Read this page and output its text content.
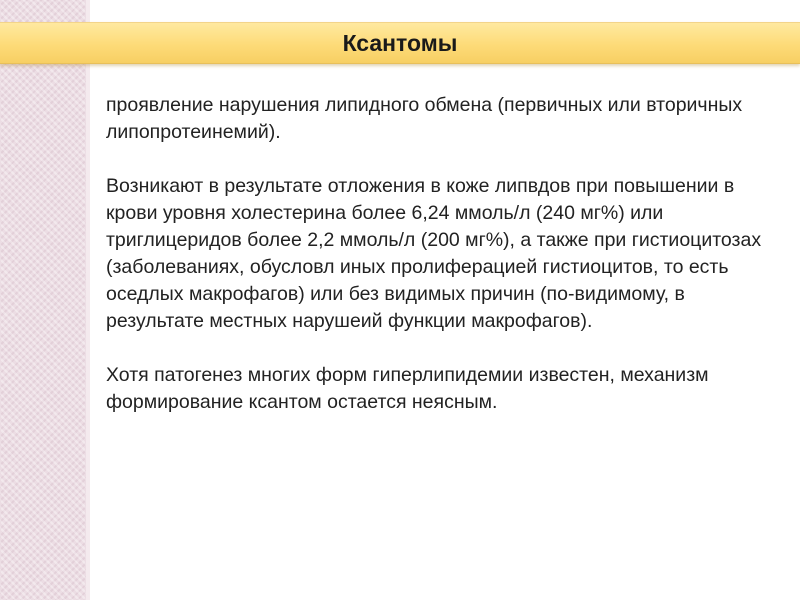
Ксантомы

проявление нарушения липидного обмена (первичных или вторичных липопротеинемий).

Возникают в результате отложения в коже липвдов при повышении в крови уровня холестерина более 6,24 ммоль/л (240 мг%) или триглицеридов более 2,2 ммоль/л (200 мг%), а также при гистиоцитозах (заболеваниях, обусловл иных пролиферацией гистиоцитов, то есть оседлых макрофагов) или без видимых причин (по-видимому, в результате местных нарушеий функции макрофагов).

Хотя патогенез многих форм гиперлипидемии известен, механизм формирование ксантом остается неясным.
